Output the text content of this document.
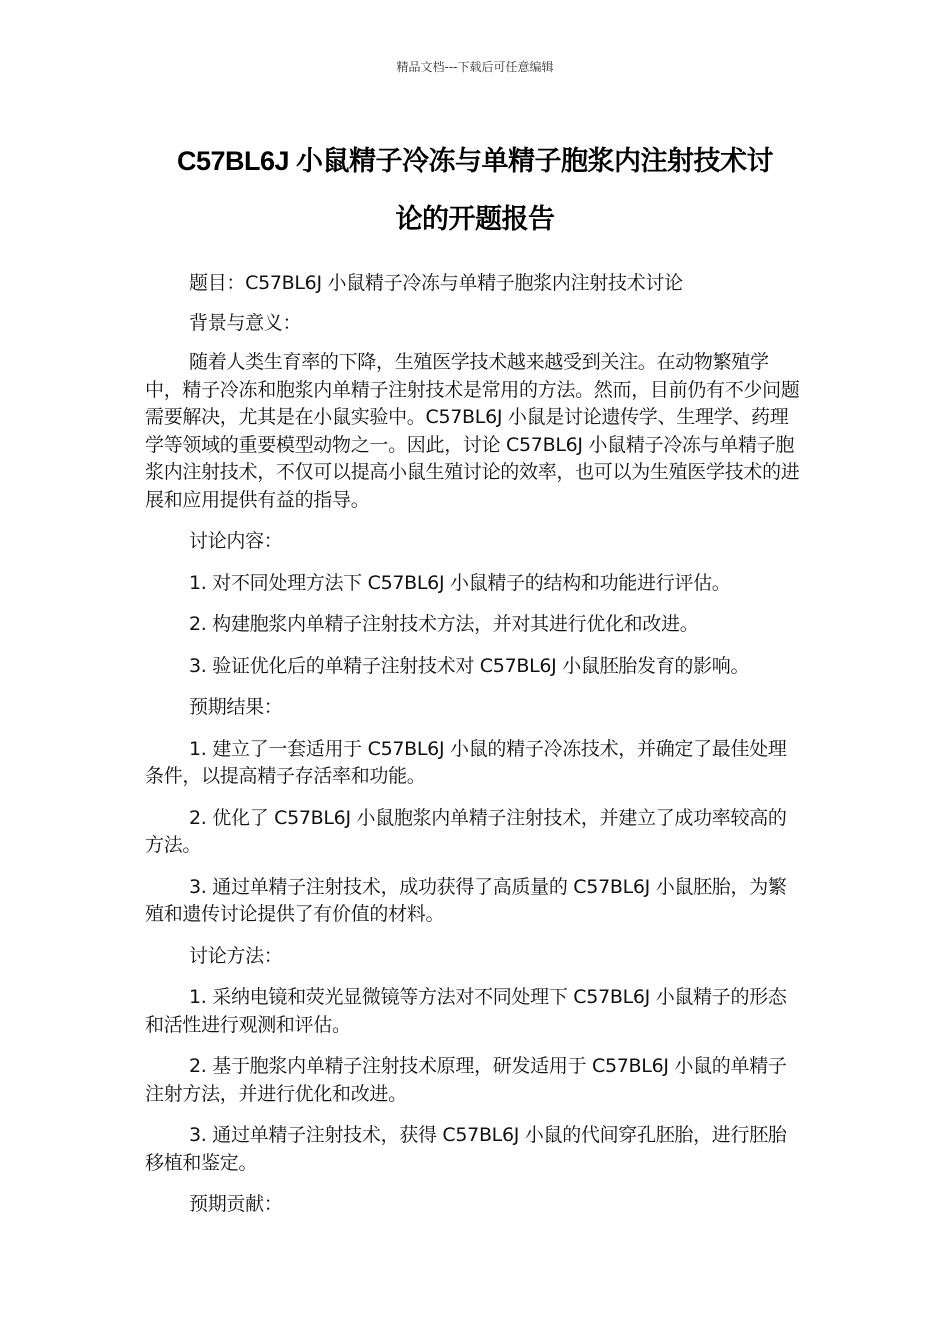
精品文档---下载后可任意编辑
C57BL6J 小鼠精子冷冻与单精子胞浆内注射技术讨
论的开题报告

题目：C57BL6J 小鼠精子冷冻与单精子胞浆内注射技术讨论

背景与意义：

随着人类生育率的下降，生殖医学技术越来越受到关注。在动物繁殖学中，精子冷冻和胞浆内单精子注射技术是常用的方法。然而，目前仍有不少问题需要解决，尤其是在小鼠实验中。C57BL6J 小鼠是讨论遗传学、生理学、药理学等领域的重要模型动物之一。因此，讨论 C57BL6J 小鼠精子冷冻与单精子胞浆内注射技术，不仅可以提高小鼠生殖讨论的效率，也可以为生殖医学技术的进展和应用提供有益的指导。

讨论内容：

1. 对不同处理方法下 C57BL6J 小鼠精子的结构和功能进行评估。

2. 构建胞浆内单精子注射技术方法，并对其进行优化和改进。

3. 验证优化后的单精子注射技术对 C57BL6J 小鼠胚胎发育的影响。

预期结果：

1. 建立了一套适用于 C57BL6J 小鼠的精子冷冻技术，并确定了最佳处理条件，以提高精子存活率和功能。

2. 优化了 C57BL6J 小鼠胞浆内单精子注射技术，并建立了成功率较高的方法。

3. 通过单精子注射技术，成功获得了高质量的 C57BL6J 小鼠胚胎，为繁殖和遗传讨论提供了有价值的材料。

讨论方法：

1. 采纳电镜和荧光显微镜等方法对不同处理下 C57BL6J 小鼠精子的形态和活性进行观测和评估。

2. 基于胞浆内单精子注射技术原理，研发适用于 C57BL6J 小鼠的单精子注射方法，并进行优化和改进。

3. 通过单精子注射技术，获得 C57BL6J 小鼠的代间穿孔胚胎，进行胚胎移植和鉴定。

预期贡献：
